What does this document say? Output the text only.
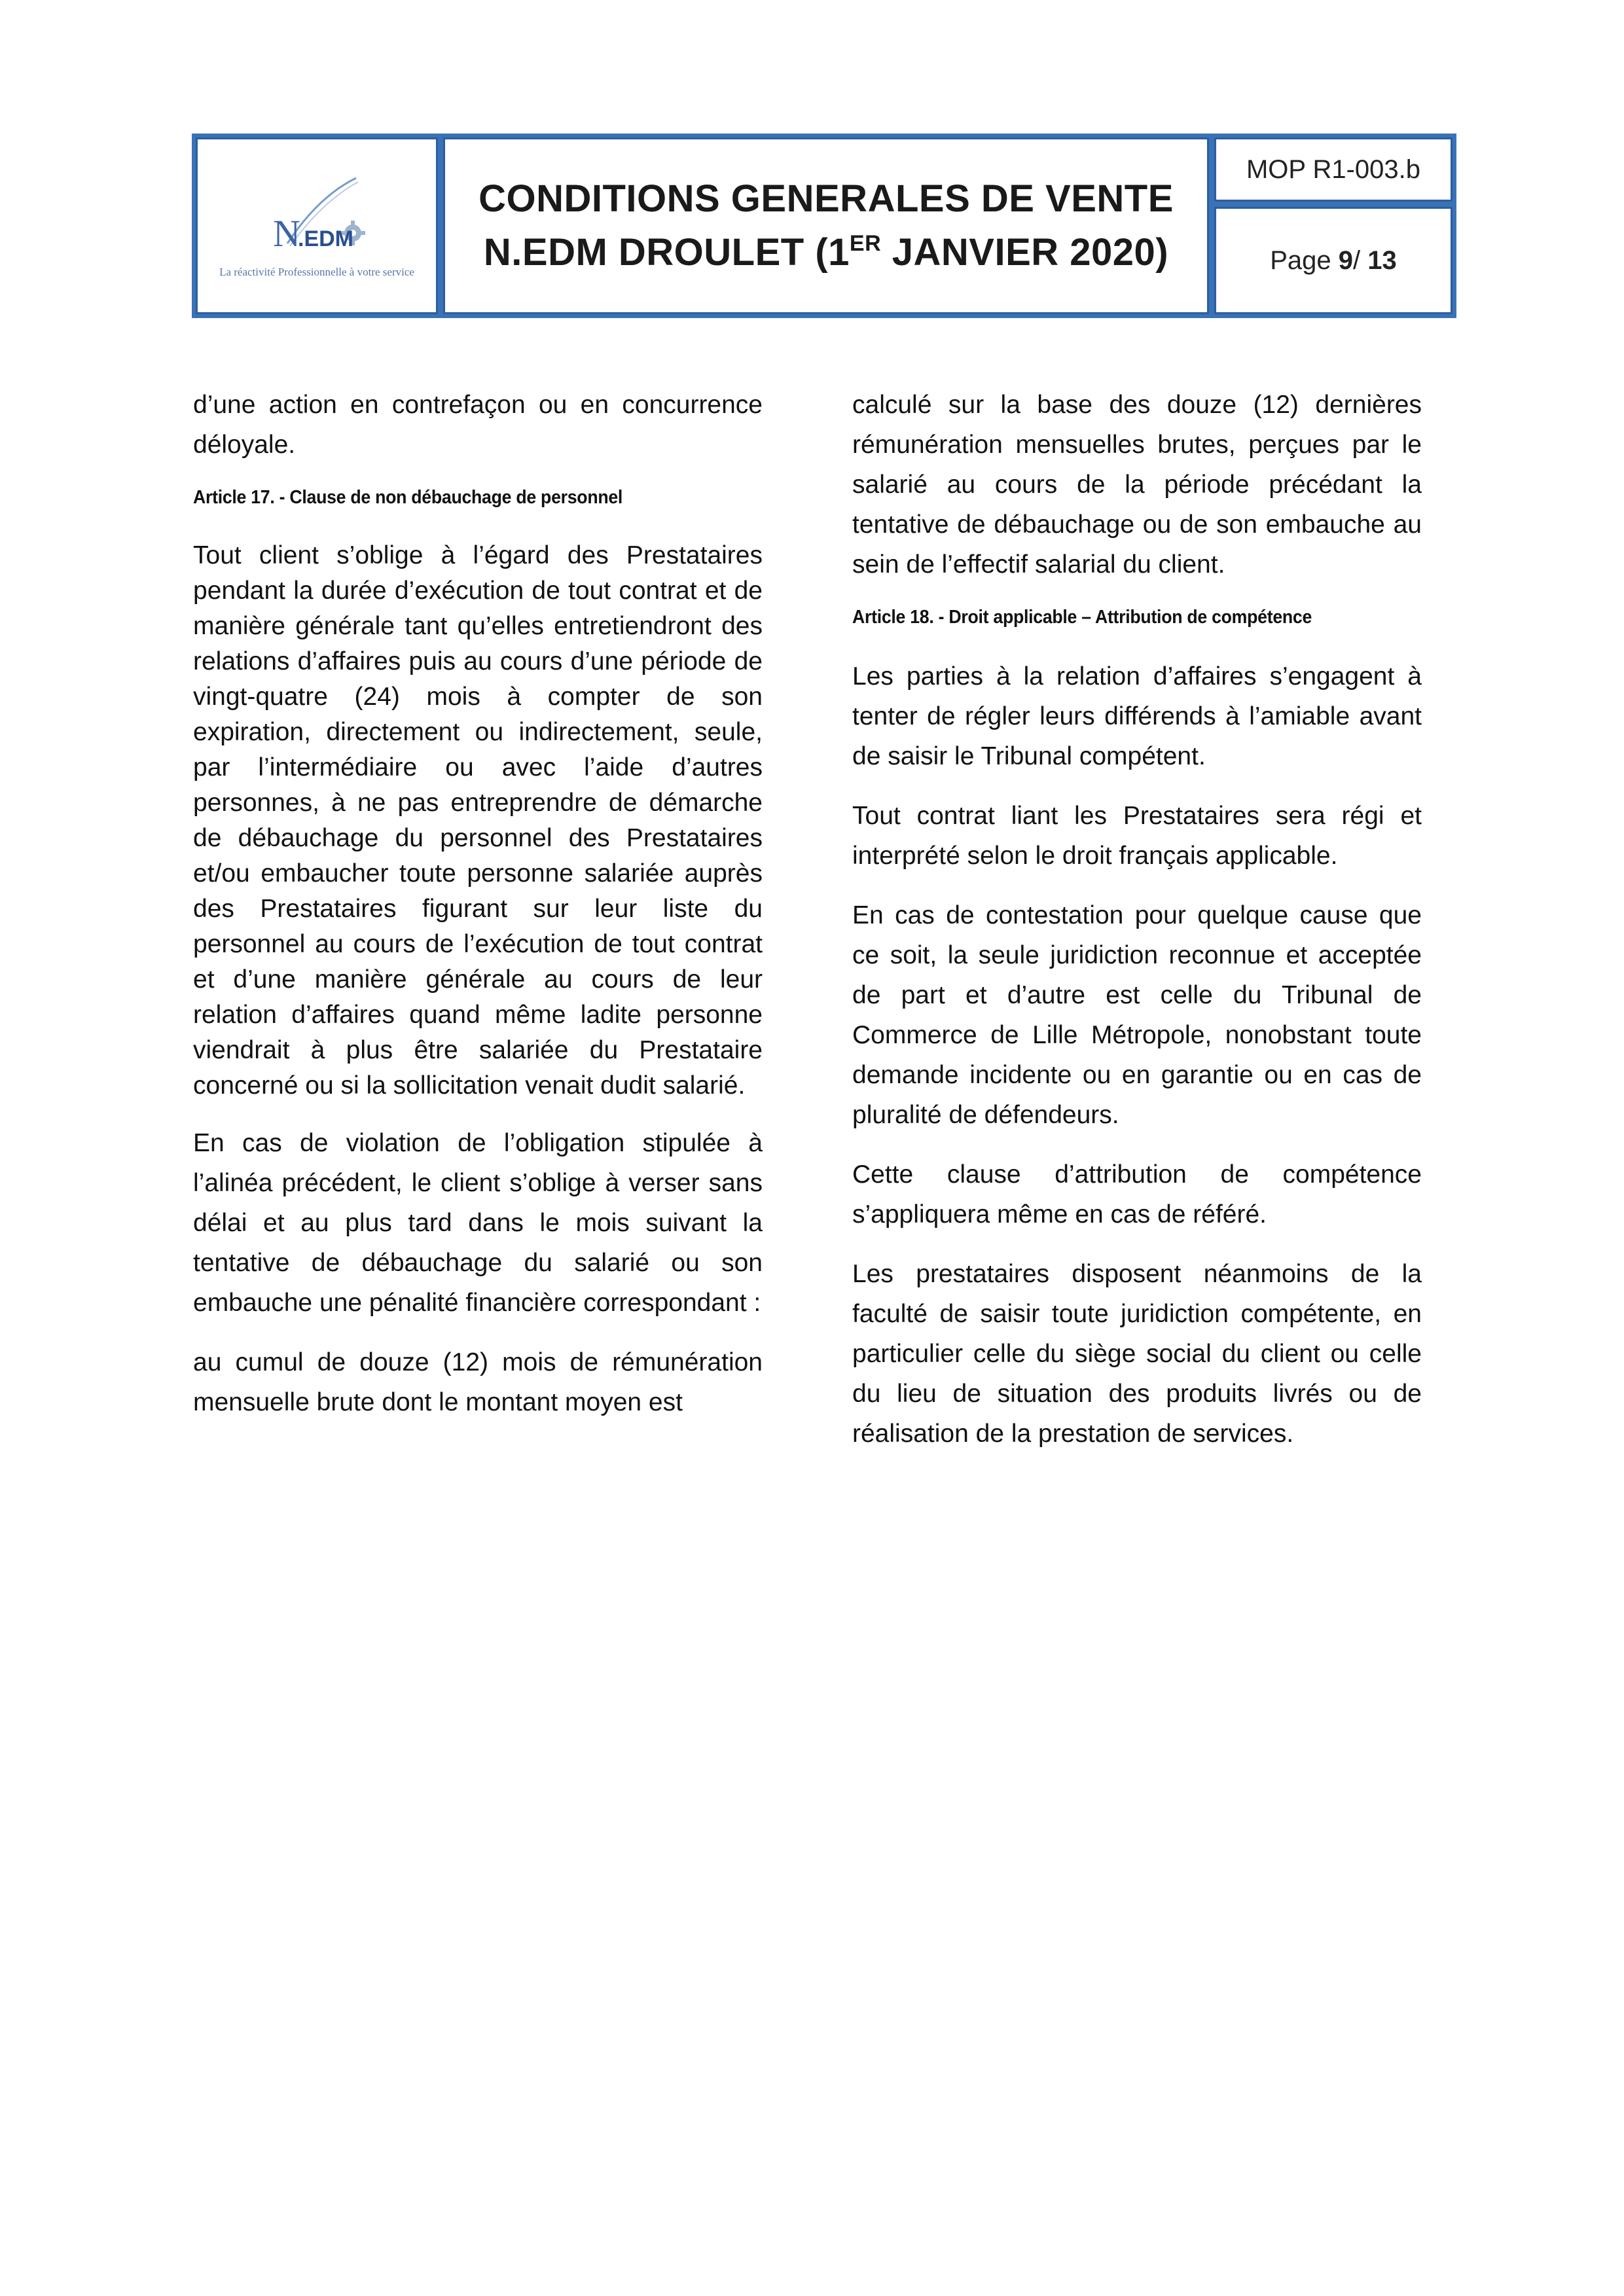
N
.EDM
La réactivité Professionnelle à votre service
CONDITIONS GENERALES DE VENTE
N.EDM DROULET (1ER JANVIER 2020)
MOP R1-003.b
Page 9/ 13

d’une action en contrefaçon ou en concurrence déloyale.

Article 17. - Clause de non débauchage de personnel

Tout client s’oblige à l’égard des Prestataires pendant la durée d’exécution de tout contrat et de manière générale tant qu’elles entretiendront des relations d’affaires puis au cours d’une période de vingt-quatre (24) mois à compter de son expiration, directement ou indirectement, seule, par l’intermédiaire ou avec l’aide d’autres personnes, à ne pas entreprendre de démarche de débauchage du personnel des Prestataires et/ou embaucher toute personne salariée auprès des Prestataires figurant sur leur liste du personnel au cours de l’exécution de tout contrat et d’une manière générale au cours de leur relation d’affaires quand même ladite personne viendrait à plus être salariée du Prestataire concerné ou si la sollicitation venait dudit salarié.

En cas de violation de l’obligation stipulée à l’alinéa précédent, le client s’oblige à verser sans délai et au plus tard dans le mois suivant la tentative de débauchage du salarié ou son embauche une pénalité financière correspondant :

au cumul de douze (12) mois de rémunération mensuelle brute dont le montant moyen est

calculé sur la base des douze (12) dernières rémunération mensuelles brutes, perçues par le salarié au cours de la période précédant la tentative de débauchage ou de son embauche au sein de l’effectif salarial du client.

Article 18. - Droit applicable – Attribution de compétence

Les parties à la relation d’affaires s’engagent à tenter de régler leurs différends à l’amiable avant de saisir le Tribunal compétent.

Tout contrat liant les Prestataires sera régi et interprété selon le droit français applicable.

En cas de contestation pour quelque cause que ce soit, la seule juridiction reconnue et acceptée de part et d’autre est celle du Tribunal de Commerce de Lille Métropole, nonobstant toute demande incidente ou en garantie ou en cas de pluralité de défendeurs.

Cette clause d’attribution de compétence s’appliquera même en cas de référé.

Les prestataires disposent néanmoins de la faculté de saisir toute juridiction compétente, en particulier celle du siège social du client ou celle du lieu de situation des produits livrés ou de réalisation de la prestation de services.
